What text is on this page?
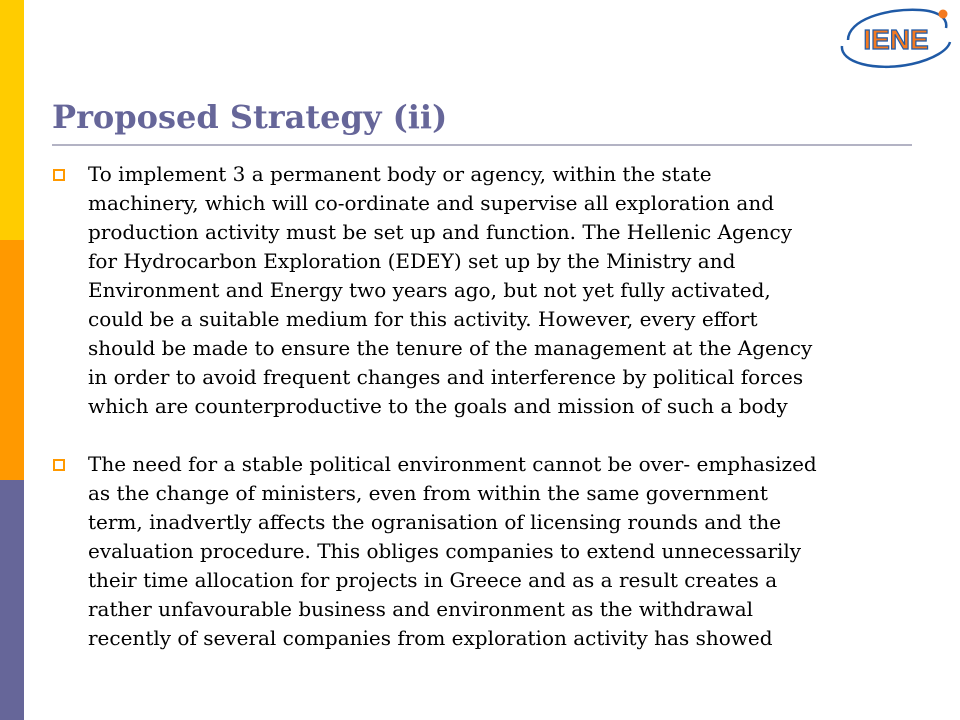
IENE
Proposed Strategy (ii)
To implement 3 a permanent body or agency, within the state
machinery, which will co-ordinate and supervise all exploration and
production activity must be set up and function. The Hellenic Agency
for Hydrocarbon Exploration (EDEY) set up by the Ministry and
Environment and Energy two years ago, but not yet fully activated,
could be a suitable medium for this activity. However, every effort
should be made to ensure the tenure of the management at the Agency
in order to avoid frequent changes and interference by political forces
which are counterproductive to the goals and mission of such a body
The need for a stable political environment cannot be over- emphasized
as the change of ministers, even from within the same government
term, inadvertly affects the ogranisation of licensing rounds and the
evaluation procedure. This obliges companies to extend unnecessarily
their time allocation for projects in Greece and as a result creates a
rather unfavourable business and environment as the withdrawal
recently of several companies from exploration activity has showed
